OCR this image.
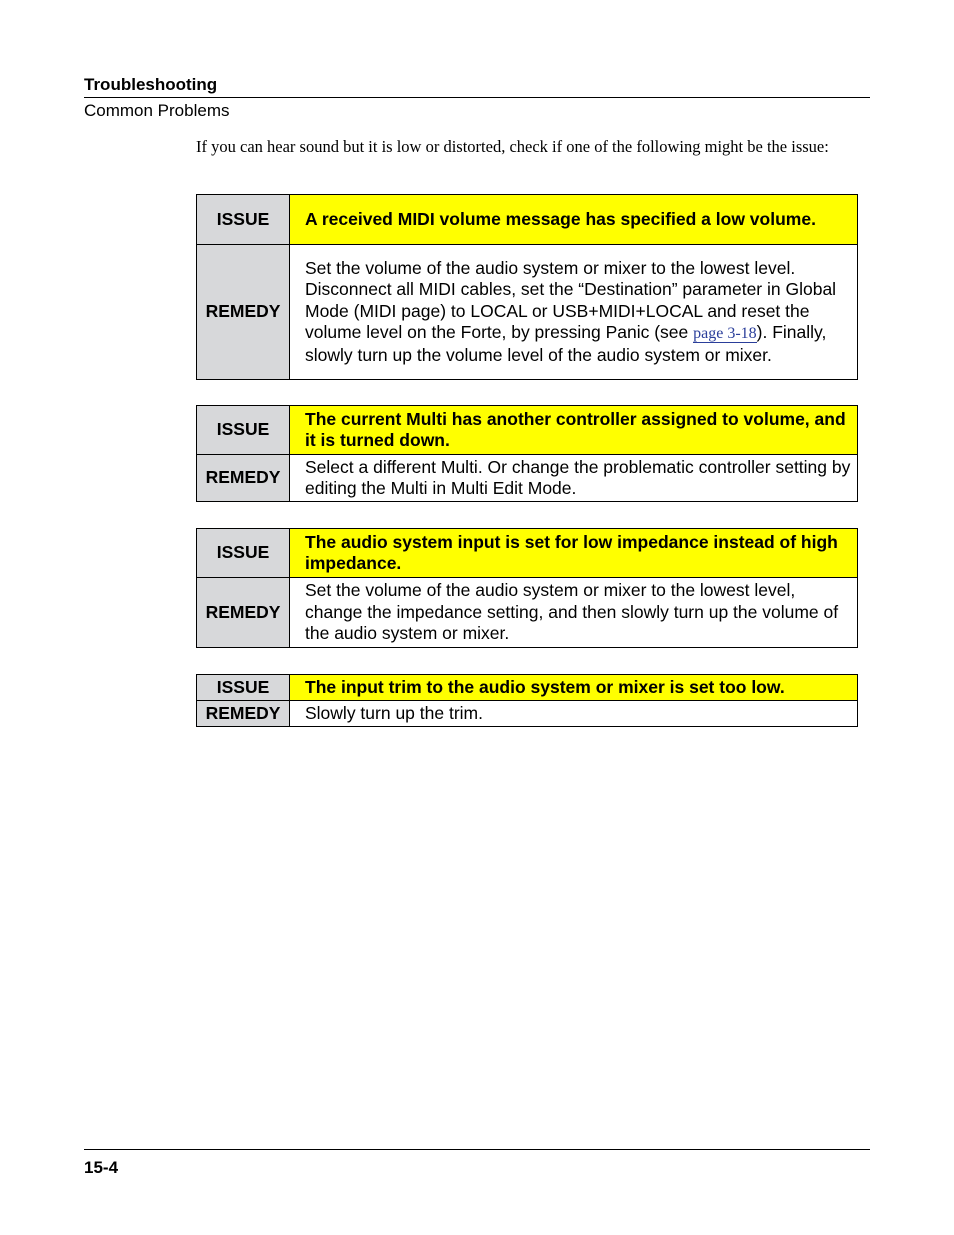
Troubleshooting
Common Problems

If you can hear sound but it is low or distorted, check if one of the following might be the issue:

ISSUE	A received MIDI volume message has specified a low volume.
REMEDY	Set the volume of the audio system or mixer to the lowest level. Disconnect all MIDI cables, set the “Destination” parameter in Global Mode (MIDI page) to LOCAL or USB+MIDI+LOCAL and reset the volume level on the Forte, by pressing Panic (see page 3-18). Finally, slowly turn up the volume level of the audio system or mixer.
ISSUE	The current Multi has another controller assigned to volume, and it is turned down.
REMEDY	Select a different Multi. Or change the problematic controller setting by editing the Multi in Multi Edit Mode.
ISSUE	The audio system input is set for low impedance instead of high impedance.
REMEDY	Set the volume of the audio system or mixer to the lowest level, change the impedance setting, and then slowly turn up the volume of the audio system or mixer.
ISSUE	The input trim to the audio system or mixer is set too low.
REMEDY	Slowly turn up the trim.
15-4
